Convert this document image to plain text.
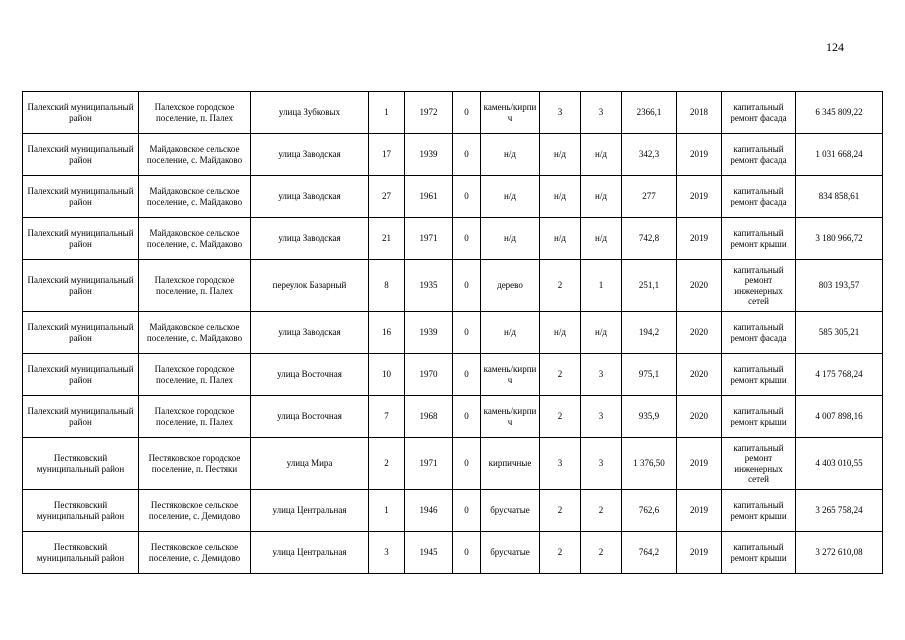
124
Палехский муниципальный район	Палехское городское поселение, п. Палех	улица Зубковых	1	1972	0	камень/кирпич	3	3	2366,1	2018	капитальный ремонт фасада	6 345 809,22
Палехский муниципальный район	Майдаковское сельское поселение, с. Майдаково	улица Заводская	17	1939	0	н/д	н/д	н/д	342,3	2019	капитальный ремонт фасада	1 031 668,24
Палехский муниципальный район	Майдаковское сельское поселение, с. Майдаково	улица Заводская	27	1961	0	н/д	н/д	н/д	277	2019	капитальный ремонт фасада	834 858,61
Палехский муниципальный район	Майдаковское сельское поселение, с. Майдаково	улица Заводская	21	1971	0	н/д	н/д	н/д	742,8	2019	капитальный ремонт крыши	3 180 966,72
Палехский муниципальный район	Палехское городское поселение, п. Палех	переулок Базарный	8	1935	0	дерево	2	1	251,1	2020	капитальный ремонт инженерных сетей	803 193,57
Палехский муниципальный район	Майдаковское сельское поселение, с. Майдаково	улица Заводская	16	1939	0	н/д	н/д	н/д	194,2	2020	капитальный ремонт фасада	585 305,21
Палехский муниципальный район	Палехское городское поселение, п. Палех	улица Восточная	10	1970	0	камень/кирпич	2	3	975,1	2020	капитальный ремонт крыши	4 175 768,24
Палехский муниципальный район	Палехское городское поселение, п. Палех	улица Восточная	7	1968	0	камень/кирпич	2	3	935,9	2020	капитальный ремонт крыши	4 007 898,16
Пестяковский муниципальный район	Пестяковское городское поселение, п. Пестяки	улица Мира	2	1971	0	кирпичные	3	3	1 376,50	2019	капитальный ремонт инженерных сетей	4 403 010,55
Пестяковский муниципальный район	Пестяковское сельское поселение, с. Демидово	улица Центральная	1	1946	0	брусчатые	2	2	762,6	2019	капитальный ремонт крыши	3 265 758,24
Пестяковский муниципальный район	Пестяковское сельское поселение, с. Демидово	улица Центральная	3	1945	0	брусчатые	2	2	764,2	2019	капитальный ремонт крыши	3 272 610,08
